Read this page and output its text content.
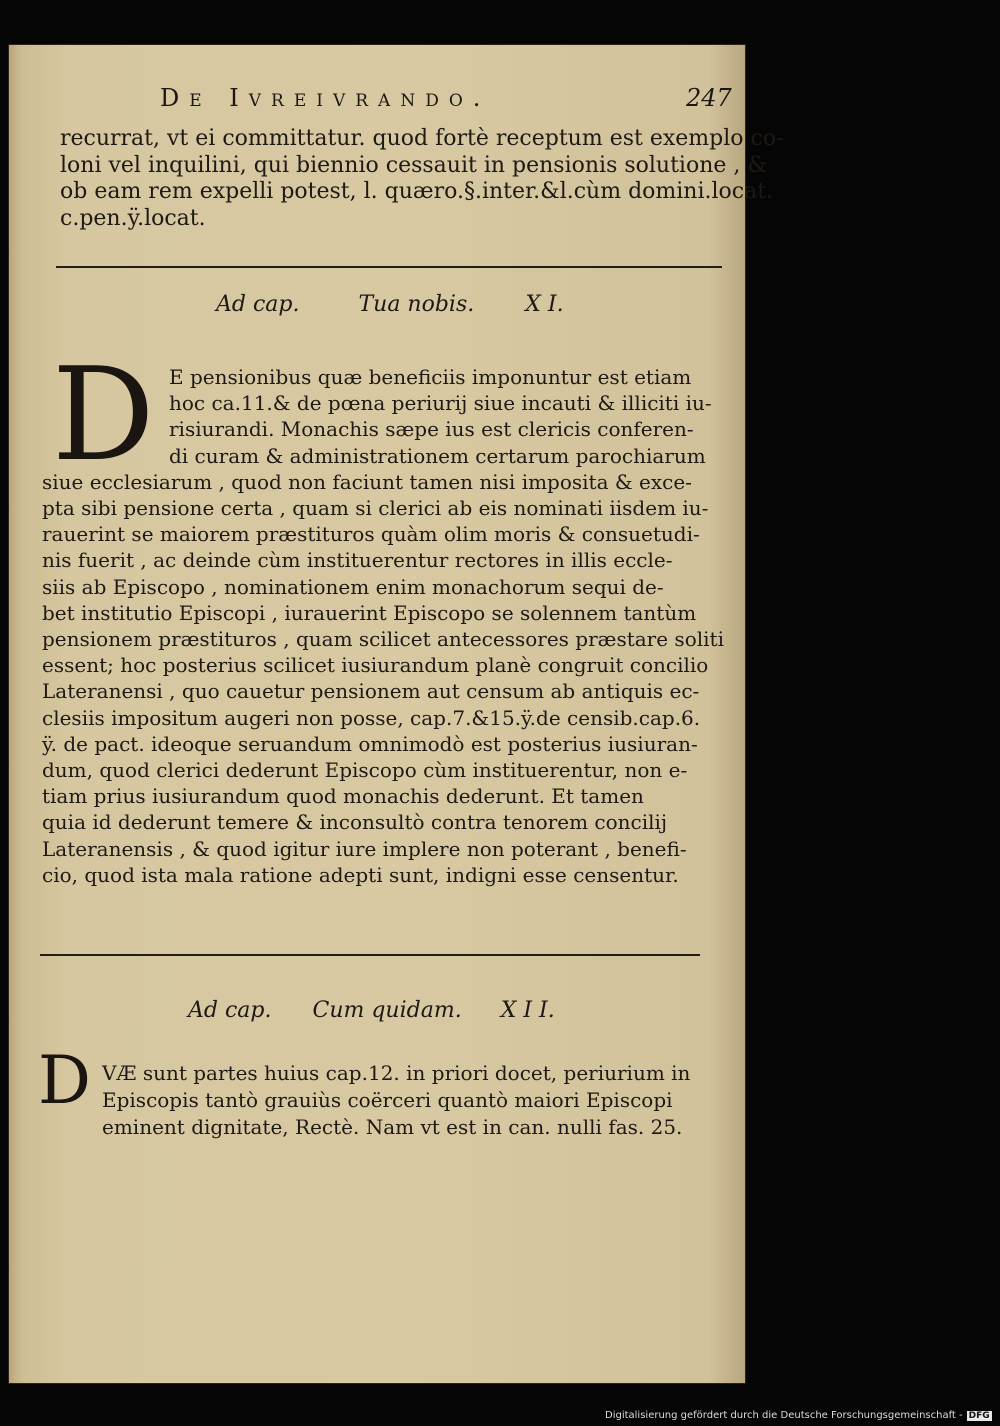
De Ivreivrando.	247
recurrat, vt ei committatur. quod fortè receptum est exemplo co-
loni vel inquilini, qui biennio cessauit in pensionis solutione , &
ob eam rem expelli potest, l. quæro.§.inter.&l.cùm domini.locat.
c.pen.ÿ.locat.
Ad cap.	Tua nobis. X I.
D E pensionibus quæ beneficiis imponuntur est etiam
hoc ca.11.& de pœna periurij siue incauti & illiciti iu-
risiurandi. Monachis sæpe ius est clericis conferen-
di curam & administrationem certarum parochiarum
siue ecclesiarum , quod non faciunt tamen nisi imposita & exce-
pta sibi pensione certa , quam si clerici ab eis nominati iisdem iu-
rauerint se maiorem præstituros quàm olim moris & consuetudi-
nis fuerit , ac deinde cùm instituerentur rectores in illis eccle-
siis ab Episcopo , nominationem enim monachorum sequi de-
bet institutio Episcopi , iurauerint Episcopo se solennem tantùm
pensionem præstituros , quam scilicet antecessores præstare soliti
essent; hoc posterius scilicet iusiurandum planè congruit concilio
Lateranensi , quo cauetur pensionem aut censum ab antiquis ec-
clesiis impositum augeri non posse, cap.7.&15.ÿ.de censib.cap.6.
ÿ. de pact. ideoque seruandum omnimodò est posterius iusiuran-
dum, quod clerici dederunt Episcopo cùm instituerentur, non e-
tiam prius iusiurandum quod monachis dederunt. Et tamen
quia id dederunt temere & inconsultò contra tenorem concilij
Lateranensis , & quod igitur iure implere non poterant , benefi-
cio, quod ista mala ratione adepti sunt, indigni esse censentur.
Ad cap. Cum quidam. X I I.
D VÆ sunt partes huius cap.12. in priori docet, periurium in
Episcopis tantò grauiùs coërceri quantò maiori Episcopi
eminent dignitate, Rectè. Nam vt est in can. nulli fas. 25.
Digitalisierung gefördert durch die Deutsche Forschungsgemeinschaft - DFG
